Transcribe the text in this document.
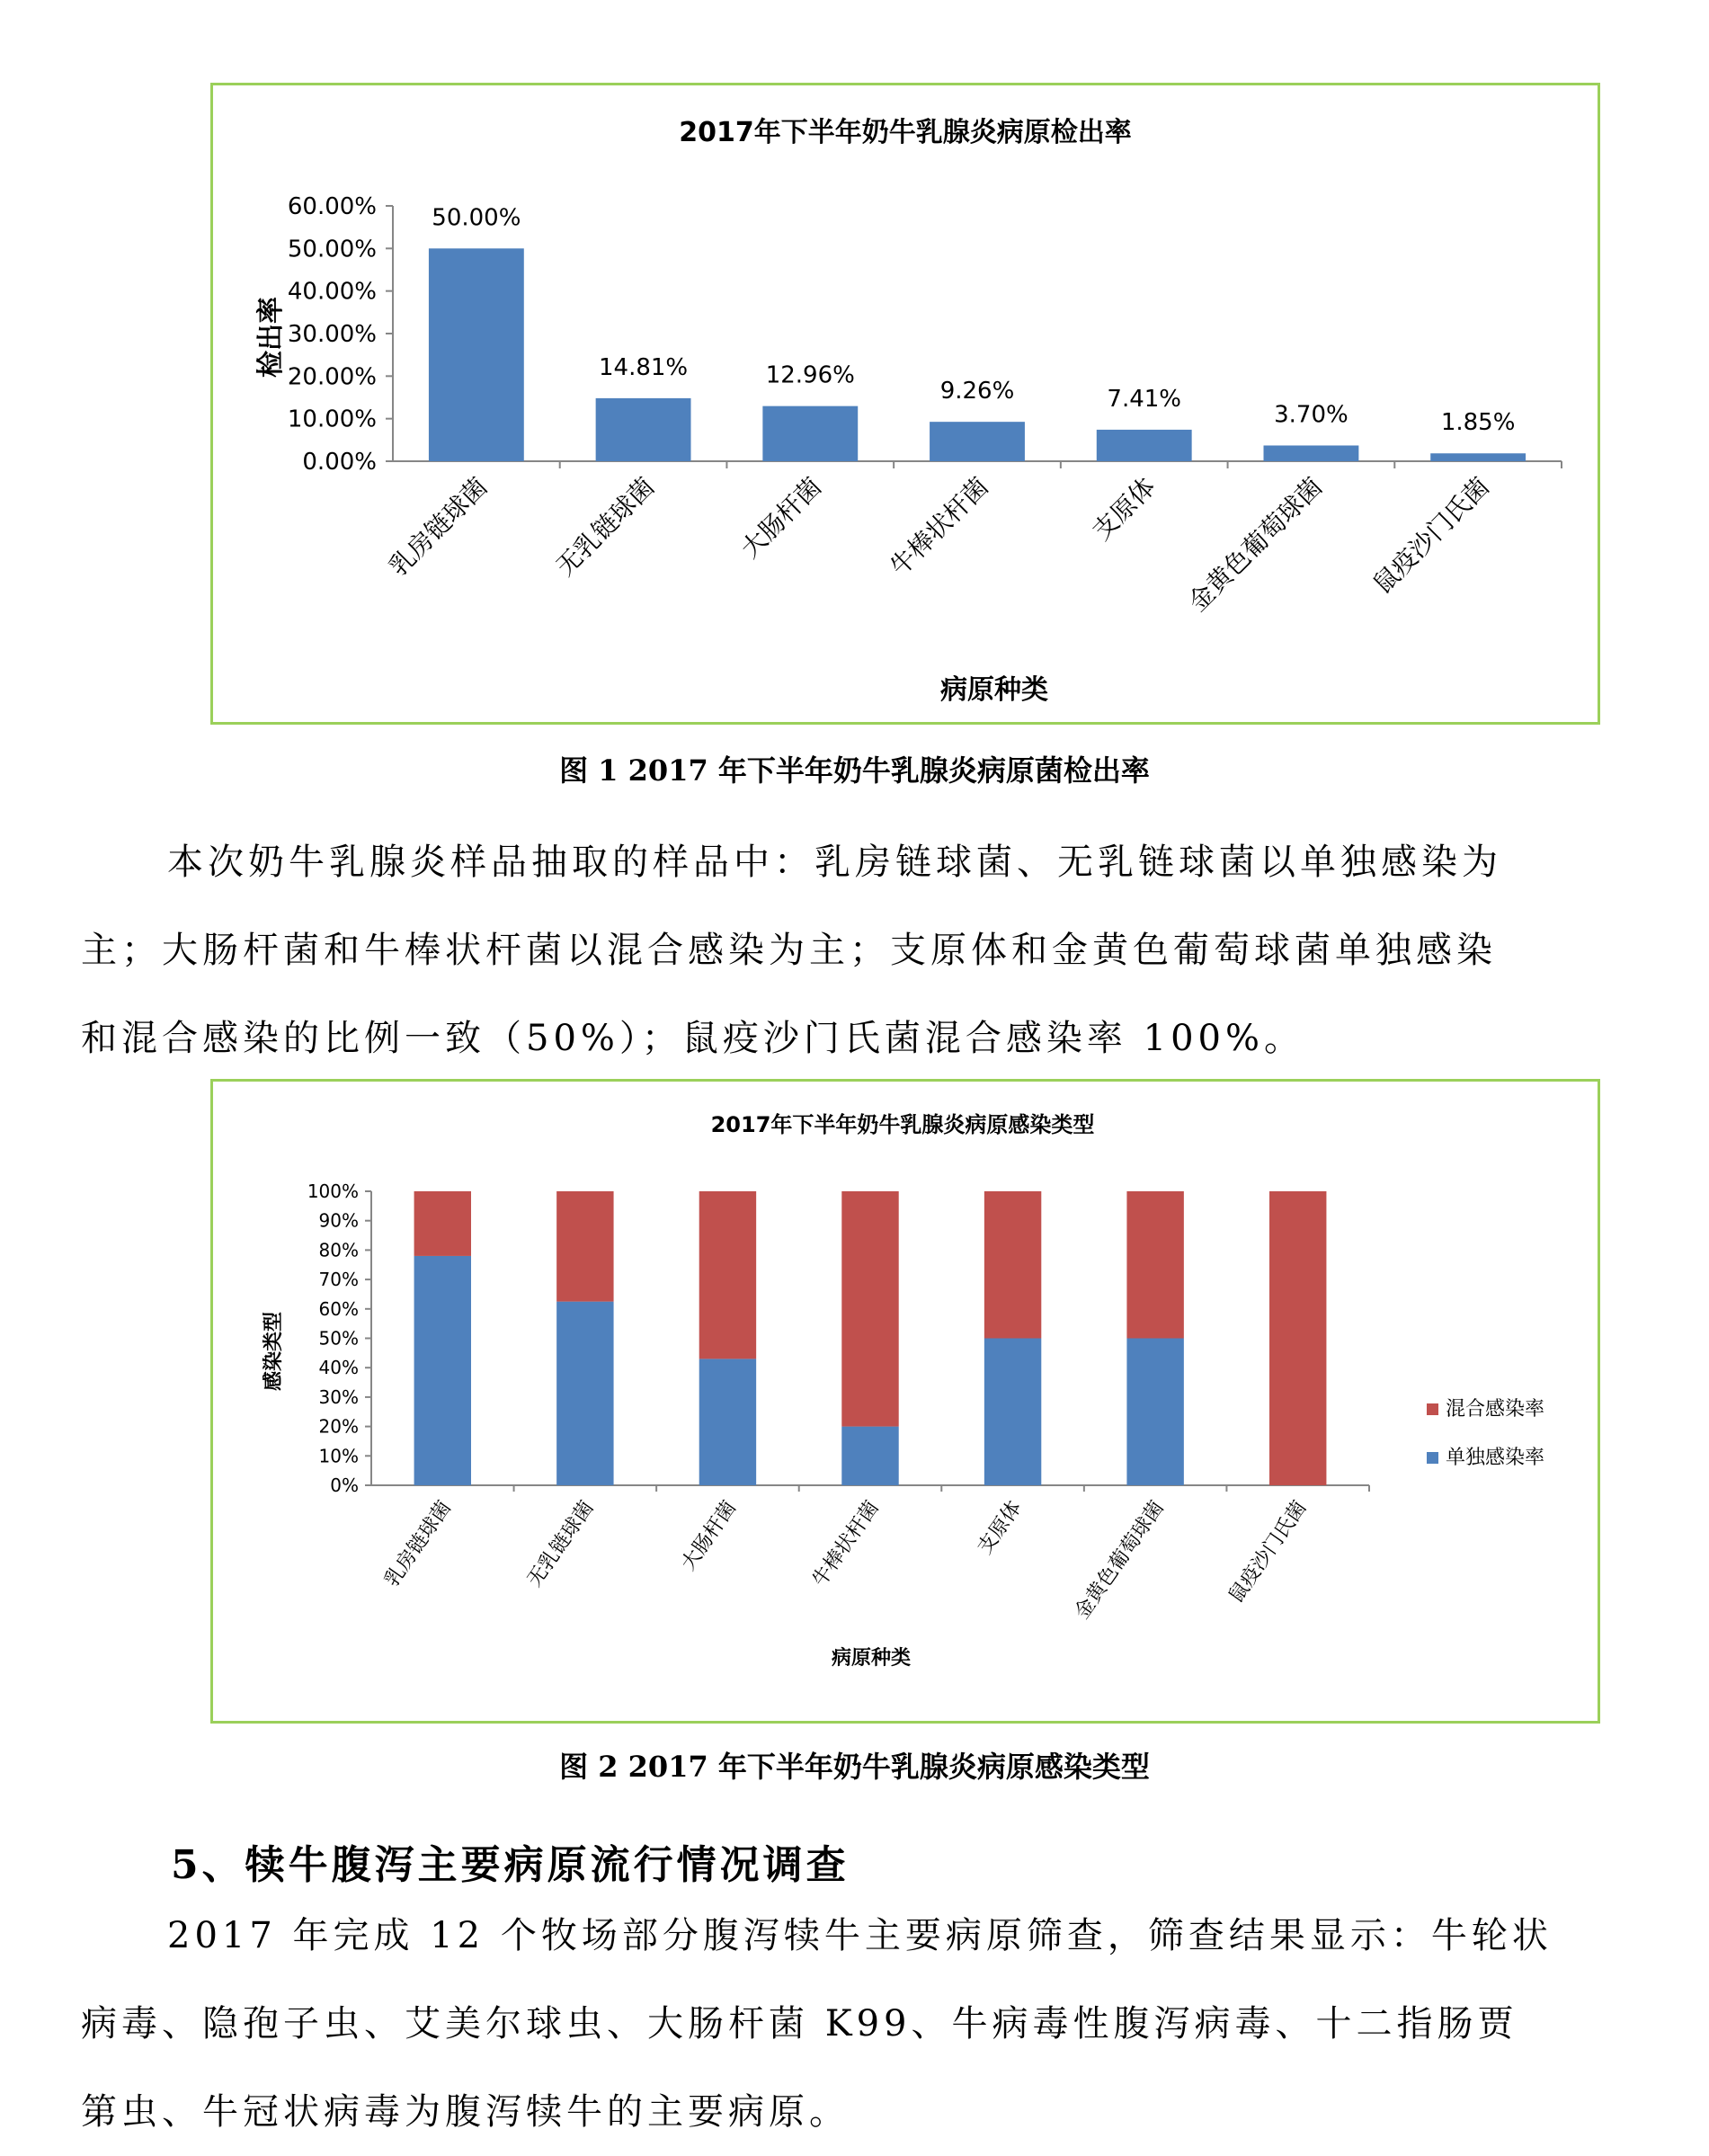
2017年下半年奶牛乳腺炎病原检出率
检出率
病原种类
0.00%
10.00%
20.00%
30.00%
40.00%
50.00%
60.00% 50.00%
乳房链球菌
14.81%
无乳链球菌
12.96%
大肠杆菌
9.26%
牛棒状杆菌
7.41%
支原体
3.70%
金黄色葡萄球菌
1.85%
鼠疫沙门氏菌
图 1 2017 年下半年奶牛乳腺炎病原菌检出率
本次奶牛乳腺炎样品抽取的样品中：乳房链球菌、无乳链球菌以单独感染为
主；大肠杆菌和牛棒状杆菌以混合感染为主；支原体和金黄色葡萄球菌单独感染
和混合感染的比例一致（50%）；鼠疫沙门氏菌混合感染率 100%。
2017年下半年奶牛乳腺炎病原感染类型
感染类型
病原种类
0%
10%
20%
30%
40%
50%
60%
70%
80%
90%
100%
乳房链球菌	无乳链球菌	大肠杆菌	牛棒状杆菌	支原体 金黄色葡萄球菌	鼠疫沙门氏菌
混合感染率
单独感染率
图 2 2017 年下半年奶牛乳腺炎病原感染类型
5、犊牛腹泻主要病原流行情况调查
2017 年完成 12 个牧场部分腹泻犊牛主要病原筛查，筛查结果显示：牛轮状
病毒、隐孢子虫、艾美尔球虫、大肠杆菌 K99、牛病毒性腹泻病毒、十二指肠贾
第虫、牛冠状病毒为腹泻犊牛的主要病原。
